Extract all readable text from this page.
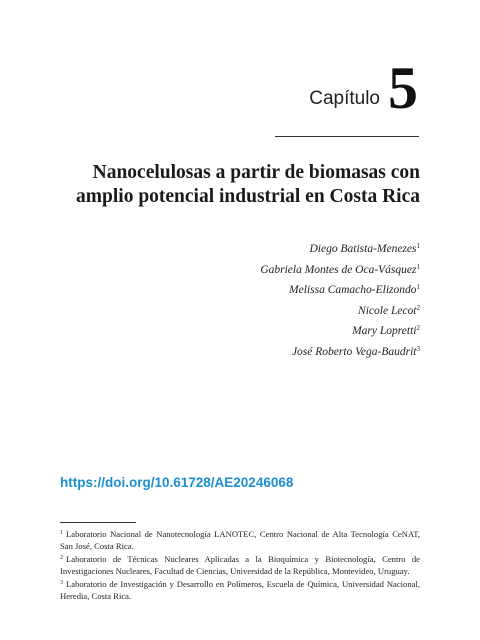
Capítulo 5
Nanocelulosas a partir de biomasas con
amplio potencial industrial en Costa Rica
Diego Batista-Menezes$^1$
Gabriela Montes de Oca-Vásquez$^1$
Melissa Camacho-Elizondo$^1$
Nicole Lecot$^2$
Mary Lopretti$^2$
José Roberto Vega-Baudrit$^3$
https://doi.org/10.61728/AE20246068

$^1$ Laboratorio Nacional de Nanotecnología LANOTEC, Centro Nacional de Alta Tecnología CeNAT, San José, Costa Rica.

$^2$ Laboratorio de Técnicas Nucleares Aplicadas a la Bioquímica y Biotecnología, Centro de Investigaciones Nucleares, Facultad de Ciencias, Universidad de la República, Montevideo, Uruguay.

$^3$ Laboratorio de Investigación y Desarrollo en Polímeros, Escuela de Química, Universidad Nacional, Heredia, Costa Rica.
